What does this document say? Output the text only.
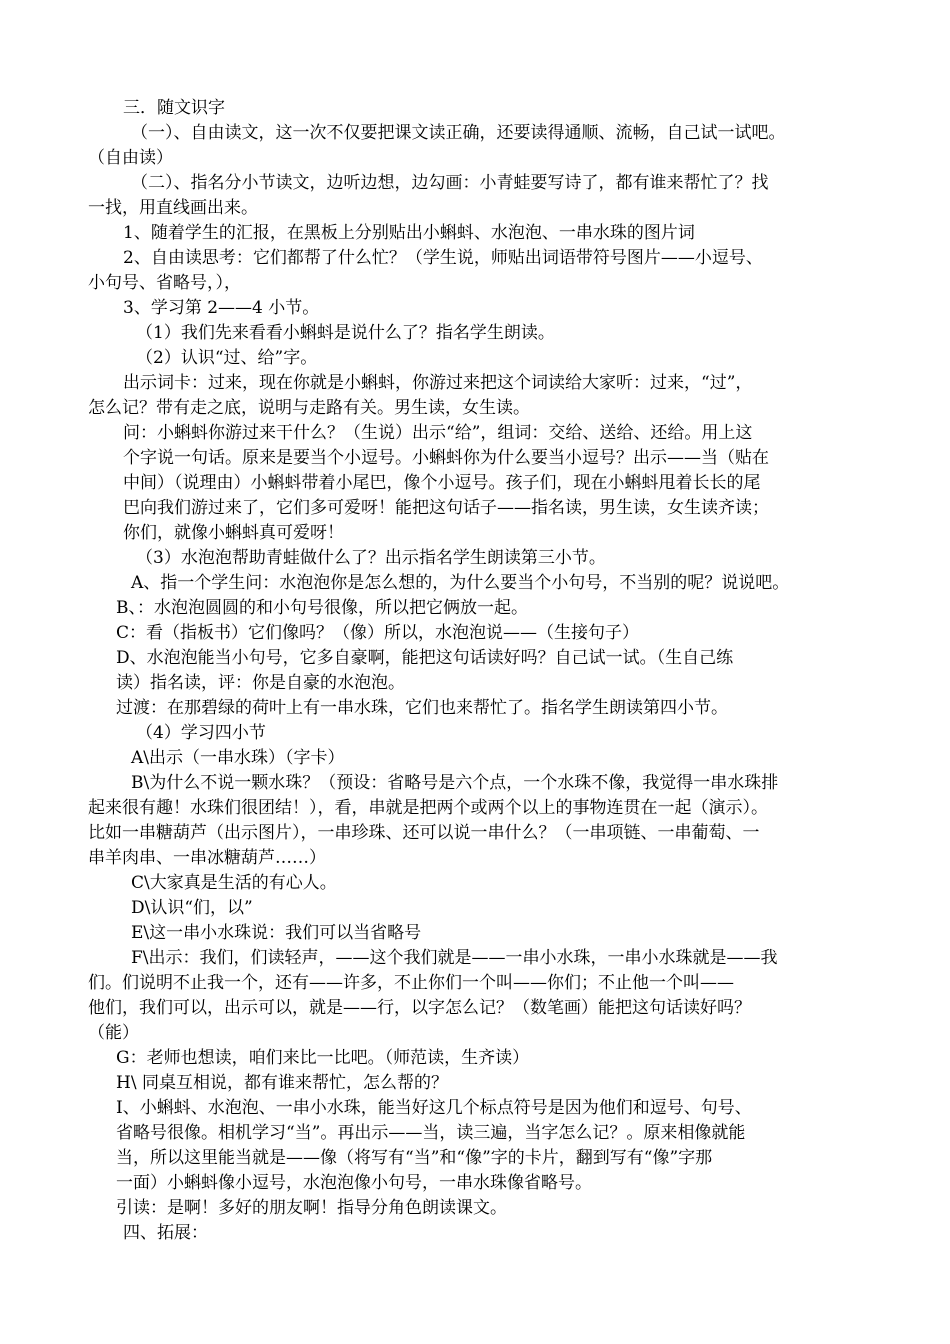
三．随文识字
（一）、自由读文，这一次不仅要把课文读正确，还要读得通顺、流畅，自己试一试吧。
（自由读）
（二）、指名分小节读文，边听边想，边勾画：小青蛙要写诗了，都有谁来帮忙了？找
一找，用直线画出来。
1、随着学生的汇报，在黑板上分别贴出小蝌蚪、水泡泡、一串水珠的图片词
2、自由读思考：它们都帮了什么忙？（学生说，师贴出词语带符号图片——小逗号、
小句号、省略号，），
3、学习第 2——4 小节。
（1）我们先来看看小蝌蚪是说什么了？指名学生朗读。
（2）认识“过、给”字。
出示词卡：过来，现在你就是小蝌蚪，你游过来把这个词读给大家听：过来，“过”，
怎么记？带有走之底，说明与走路有关。男生读，女生读。
问：小蝌蚪你游过来干什么？（生说）出示“给”，组词：交给、送给、还给。用上这
个字说一句话。原来是要当个小逗号。小蝌蚪你为什么要当小逗号？出示——当（贴在
中间）（说理由）小蝌蚪带着小尾巴，像个小逗号。孩子们，现在小蝌蚪甩着长长的尾
巴向我们游过来了，它们多可爱呀！能把这句话子——指名读，男生读，女生读齐读；
你们，就像小蝌蚪真可爱呀！
（3）水泡泡帮助青蛙做什么了？出示指名学生朗读第三小节。
A、指一个学生问：水泡泡你是怎么想的，为什么要当个小句号，不当别的呢？说说吧。
B、：水泡泡圆圆的和小句号很像，所以把它俩放一起。
C：看（指板书）它们像吗？（像）所以，水泡泡说——（生接句子）
D、水泡泡能当小句号，它多自豪啊，能把这句话读好吗？自己试一试。（生自己练
读）指名读，评：你是自豪的水泡泡。
过渡：在那碧绿的荷叶上有一串水珠，它们也来帮忙了。指名学生朗读第四小节。
（4）学习四小节
A\出示（一串水珠）（字卡）
B\为什么不说一颗水珠？（预设：省略号是六个点，一个水珠不像，我觉得一串水珠排
起来很有趣！水珠们很团结！），看，串就是把两个或两个以上的事物连贯在一起（演示）。
比如一串糖葫芦（出示图片），一串珍珠、还可以说一串什么？（一串项链、一串葡萄、一
串羊肉串、一串冰糖葫芦……）
C\大家真是生活的有心人。
D\认识“们，以”
E\这一串小水珠说：我们可以当省略号
F\出示：我们，们读轻声，——这个我们就是——一串小水珠，一串小水珠就是——我
们。们说明不止我一个，还有——许多，不止你们一个叫——你们；不止他一个叫——
他们，我们可以，出示可以，就是——行，以字怎么记？（数笔画）能把这句话读好吗？
（能）
G：老师也想读，咱们来比一比吧。（师范读，生齐读）
H\ 同桌互相说，都有谁来帮忙，怎么帮的？
I、小蝌蚪、水泡泡、一串小水珠，能当好这几个标点符号是因为他们和逗号、句号、
省略号很像。相机学习“当”。再出示——当，读三遍，当字怎么记？。原来相像就能
当，所以这里能当就是——像（将写有“当”和“像”字的卡片，翻到写有“像”字那
一面）小蝌蚪像小逗号，水泡泡像小句号，一串水珠像省略号。
引读：是啊！多好的朋友啊！指导分角色朗读课文。
四、拓展：
